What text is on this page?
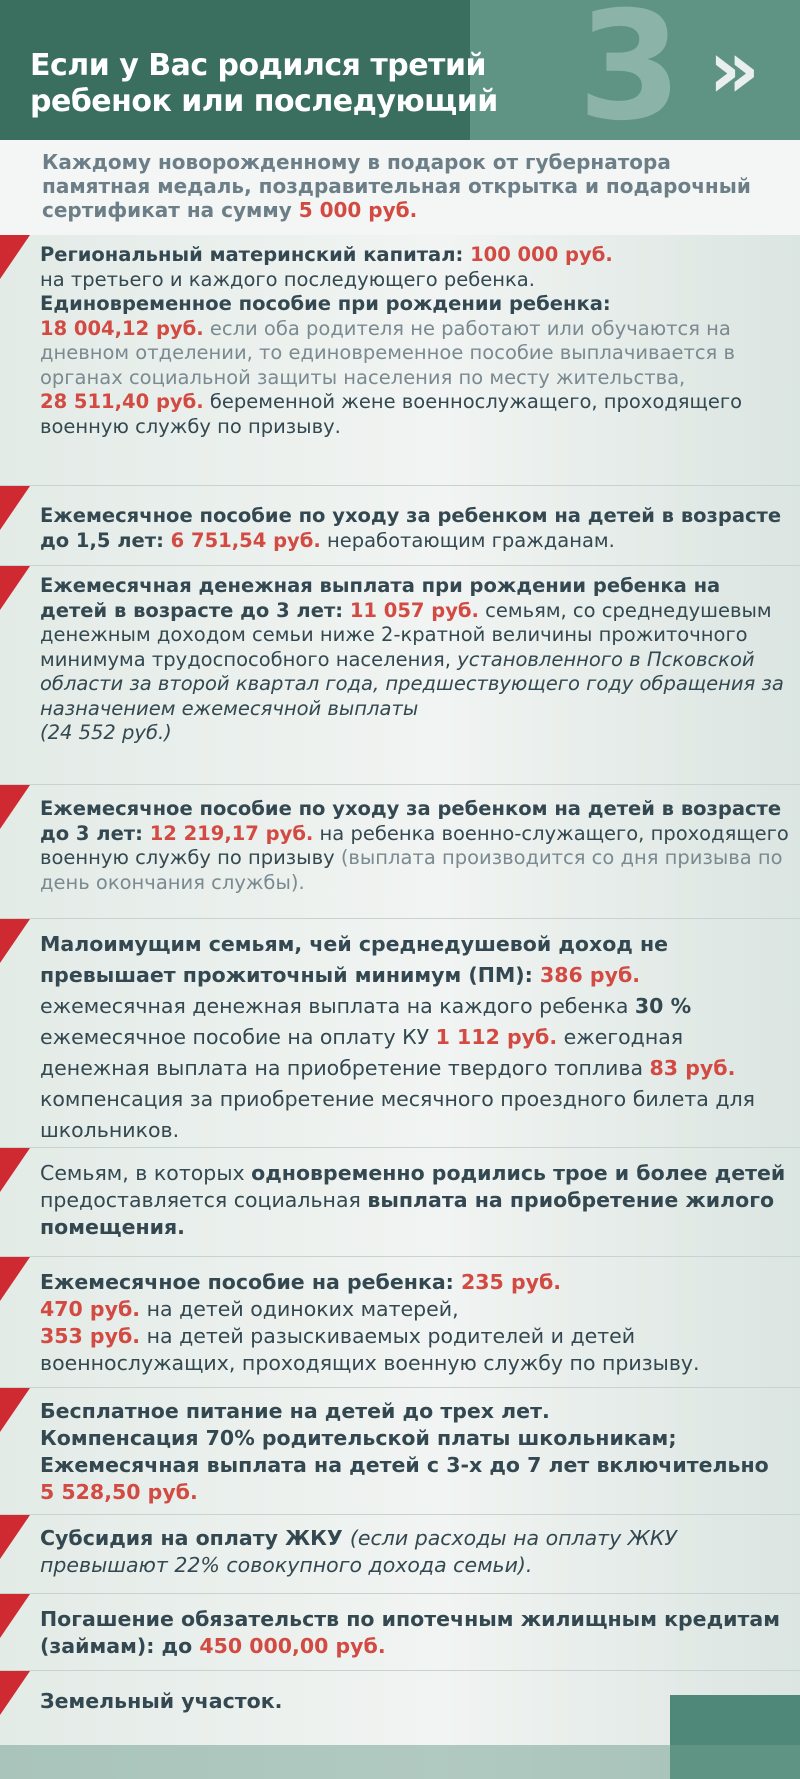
3 »
Если у Вас родился третий ребенок или последующий
Каждому новорожденному в подарок от губернатора памятная медаль, поздравительная открытка и подарочный сертификат на сумму 5 000 руб.
Региональный материнский капитал: 100 000 руб.
на третьего и каждого последующего ребенка.
Единовременное пособие при рождении ребенка:
18 004,12 руб. если оба родителя не работают или обучаются на дневном отделении, то единовременное пособие выплачивается в органах социальной защиты населения по месту жительства,
28 511,40 руб. беременной жене военнослужащего, проходящего военную службу по призыву.
Ежемесячное пособие по уходу за ребенком на детей в возрасте до 1,5 лет: 6 751,54 руб. неработающим гражданам.
Ежемесячная денежная выплата при рождении ребенка на детей в возрасте до 3 лет: 11 057 руб. семьям, со среднедушевым денежным доходом семьи ниже 2-кратной величины прожиточного минимума трудоспособного населения, установленного в Псковской области за второй квартал года, предшествующего году обращения за назначением ежемесячной выплаты
(24 552 руб.)
Ежемесячное пособие по уходу за ребенком на детей в возрасте до 3 лет: 12 219,17 руб. на ребенка военно-служащего, проходящего военную службу по призыву (выплата производится со дня призыва по день окончания службы).
Малоимущим семьям, чей среднедушевой доход не превышает прожиточный минимум (ПМ): 386 руб. ежемесячная денежная выплата на каждого ребенка 30 % ежемесячное пособие на оплату КУ 1 112 руб. ежегодная денежная выплата на приобретение твердого топлива 83 руб. компенсация за приобретение месячного проездного билета для школьников.
Семьям, в которых одновременно родились трое и более детей предоставляется социальная выплата на приобретение жилого помещения.
Ежемесячное пособие на ребенка: 235 руб.
470 руб. на детей одиноких матерей,
353 руб. на детей разыскиваемых родителей и детей военнослужащих, проходящих военную службу по призыву.
Бесплатное питание на детей до трех лет.
Компенсация 70% родительской платы школьникам;
Ежемесячная выплата на детей с 3-х до 7 лет включительно 5 528,50 руб.
Субсидия на оплату ЖКУ (если расходы на оплату ЖКУ превышают 22% совокупного дохода семьи).
Погашение обязательств по ипотечным жилищным кредитам (займам): до 450 000,00 руб.
Земельный участок.
